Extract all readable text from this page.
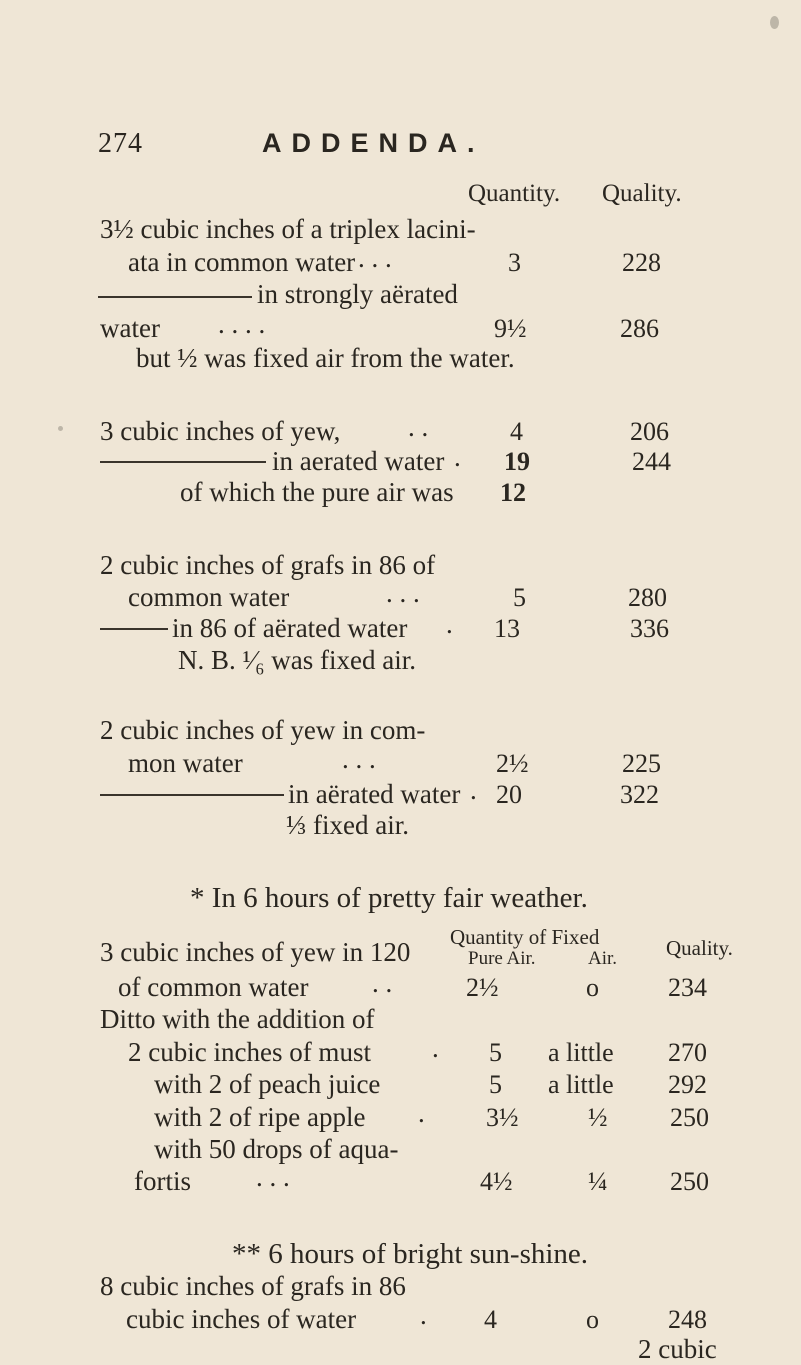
274	ADDENDA.
Quantity. Quality.
3½ cubic inches of a triplex lacini-
ata in common water . . .	3	228
in strongly aërated
water . . . .	9½	286
but ½ was fixed air from the water.
3 cubic inches of yew,	. .	4	206
in aerated water . 19	244
of which the pure air was 12
2 cubic inches of grafs in 86 of
common water	. . .	5	280
in 86 of aërated water . 13	336
N. B. ¹⁄₆ was fixed air.
2 cubic inches of yew in com-
mon water	. . .	2½	225
in aërated water . 20	322
⅓ fixed air.
* In 6 hours of pretty fair weather.
3 cubic inches of yew in 120 Quantity of Fixed
Pure Air.	Air. Quality.
of common water . .	2½	o	234
Ditto with the addition of
2 cubic inches of must . 5 a little 270
with 2 of peach juice	5 a little 292
with 2 of ripe apple . 3½	½ 250
with 50 drops of aqua-
fortis . . .	4½	¼ 250
** 6 hours of bright sun-shine.
8 cubic inches of grafs in 86
cubic inches of water . 4	o	248
2 cubic
